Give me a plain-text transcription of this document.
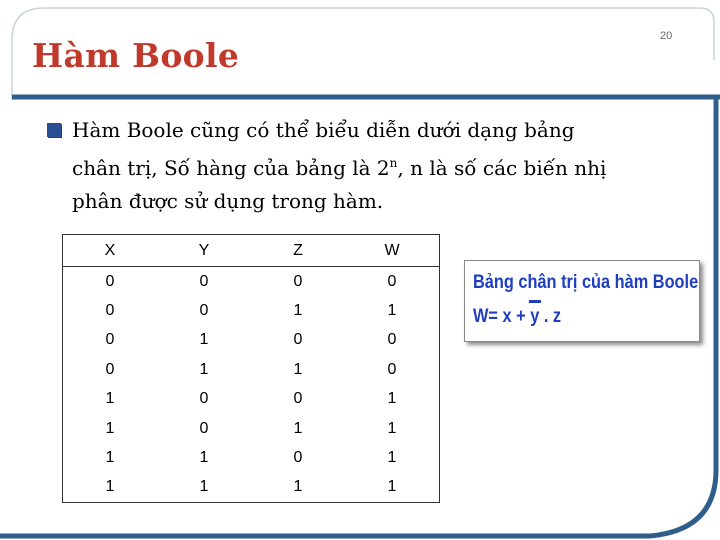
20
Hàm Boole
Hàm Boole cũng có thể biểu diễn dưới dạng bảng
chân trị, Số hàng của bảng là 2$^n$, n là số các biến nhị
phân được sử dụng trong hàm.
X	Y	Z	W
0	0	0	0
0	0	1	1
0	1	0	0
0	1	1	0
1	0	0	1
1	0	1	1
1	1	0	1
1	1	1	1
Bảng chân trị của hàm Boole
W= x + y . z
